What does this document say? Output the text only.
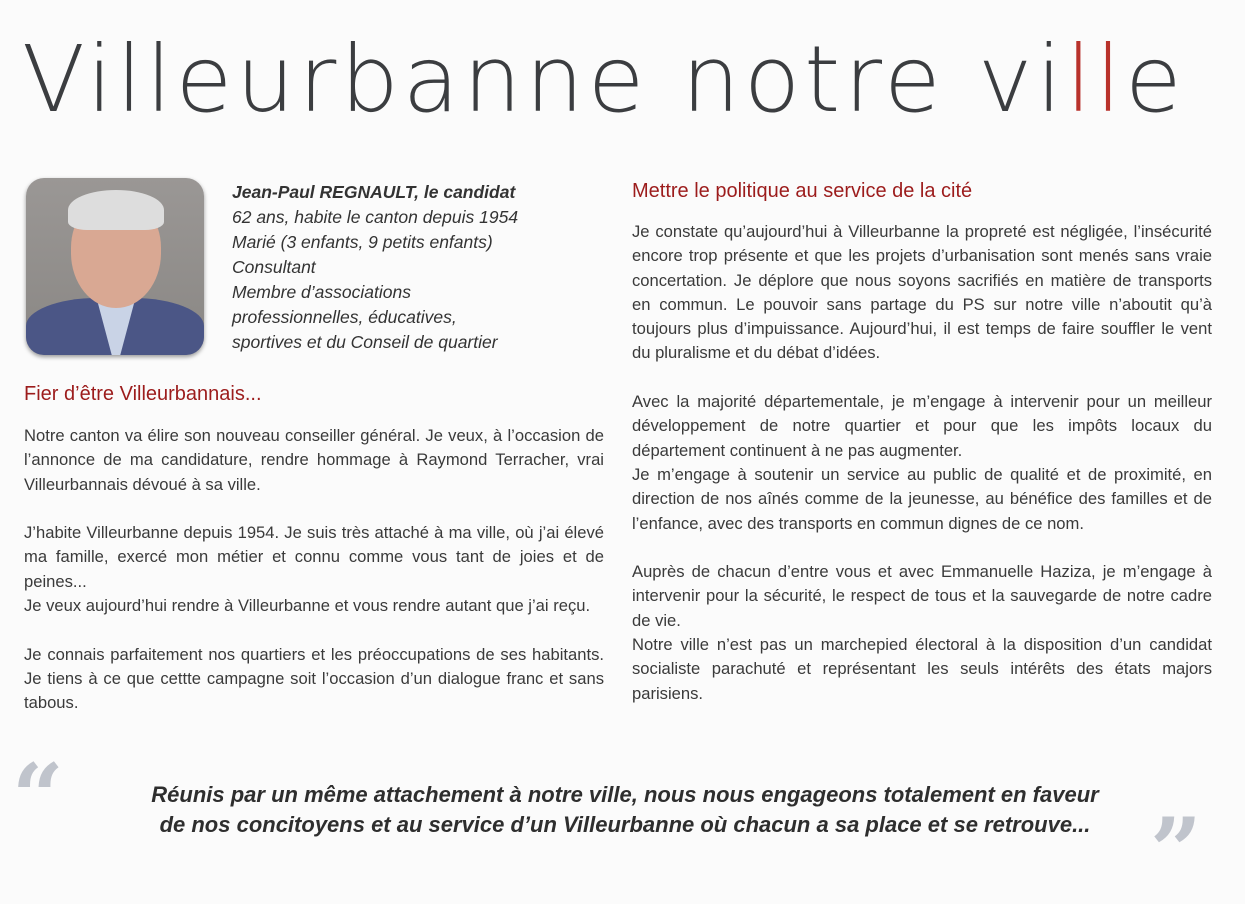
Villeurbanne notre ville
Jean-Paul REGNAULT, le candidat
62 ans, habite le canton depuis 1954
Marié (3 enfants, 9 petits enfants)
Consultant
Membre d’associations
professionnelles, éducatives,
sportives et du Conseil de quartier
Fier d’être Villeurbannais...

Notre canton va élire son nouveau conseiller général. Je veux, à l’occasion de l’annonce de ma candidature, rendre hommage à Raymond Terracher, vrai Villeurbannais dévoué à sa ville.

J’habite Villeurbanne depuis 1954. Je suis très attaché à ma ville, où j’ai élevé ma famille, exercé mon métier et connu comme vous tant de joies et de peines...

Je veux aujourd’hui rendre à Villeurbanne et vous rendre autant que j’ai reçu.

Je connais parfaitement nos quartiers et les préoccupations de ses habitants. Je tiens à ce que cettte campagne soit l’occasion d’un dialogue franc et sans tabous.

Mettre le politique au service de la cité

Je constate qu’aujourd’hui à Villeurbanne la propreté est négligée, l’insécurité encore trop présente et que les projets d’urbanisation sont menés sans vraie concertation. Je déplore que nous soyons sacrifiés en matière de transports en commun. Le pouvoir sans partage du PS sur notre ville n’aboutit qu’à toujours plus d’impuissance. Aujourd’hui, il est temps de faire souffler le vent du pluralisme et du débat d’idées.

Avec la majorité départementale, je m’engage à intervenir pour un meilleur développement de notre quartier et pour que les impôts locaux du département continuent à ne pas augmenter.

Je m’engage à soutenir un service au public de qualité et de proximité, en direction de nos aînés comme de la jeunesse, au bénéfice des familles et de l’enfance, avec des transports en commun dignes de ce nom.

Auprès de chacun d’entre vous et avec Emmanuelle Haziza, je m’engage à intervenir pour la sécurité, le respect de tous et la sauvegarde de notre cadre de vie.

Notre ville n’est pas un marchepied électoral à la disposition d’un candidat socialiste parachuté et représentant les seuls intérêts des états majors parisiens.

“
”
Réunis par un même attachement à notre ville, nous nous engageons totalement en faveur
de nos concitoyens et au service d’un Villeurbanne où chacun a sa place et se retrouve...
